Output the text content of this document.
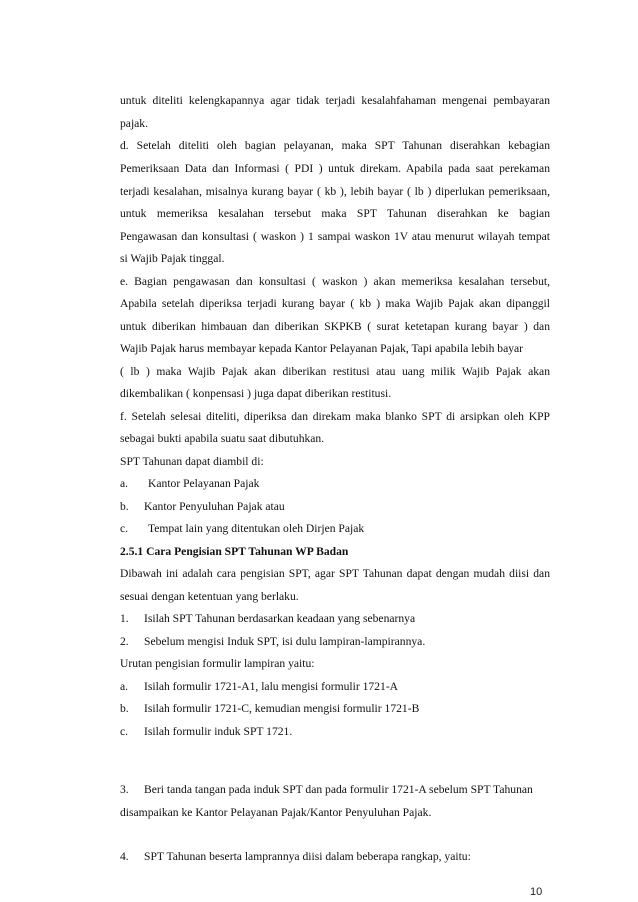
untuk diteliti kelengkapannya agar tidak terjadi kesalahfahaman mengenai pembayaran
pajak.
d. Setelah diteliti oleh bagian pelayanan, maka SPT Tahunan diserahkan kebagian
Pemeriksaan Data dan Informasi ( PDI ) untuk direkam. Apabila pada saat perekaman
terjadi kesalahan, misalnya kurang bayar ( kb ), lebih bayar ( lb ) diperlukan pemeriksaan,
untuk memeriksa kesalahan tersebut maka SPT Tahunan diserahkan ke bagian
Pengawasan dan konsultasi ( waskon ) 1 sampai waskon 1V atau menurut wilayah tempat
si Wajib Pajak tinggal.
e. Bagian pengawasan dan konsultasi ( waskon ) akan memeriksa kesalahan tersebut,
Apabila setelah diperiksa terjadi kurang bayar ( kb ) maka Wajib Pajak akan dipanggil
untuk diberikan himbauan dan diberikan SKPKB ( surat ketetapan kurang bayar ) dan
Wajib Pajak harus membayar kepada Kantor Pelayanan Pajak, Tapi apabila lebih bayar
( lb ) maka Wajib Pajak akan diberikan restitusi atau uang milik Wajib Pajak akan
dikembalikan ( konpensasi ) juga dapat diberikan restitusi.
f. Setelah selesai diteliti, diperiksa dan direkam maka blanko SPT di arsipkan oleh KPP
sebagai bukti apabila suatu saat dibutuhkan.
SPT Tahunan dapat diambil di:
a. Kantor Pelayanan Pajak
b. Kantor Penyuluhan Pajak atau
c. Tempat lain yang ditentukan oleh Dirjen Pajak
2.5.1 Cara Pengisian SPT Tahunan WP Badan
Dibawah ini adalah cara pengisian SPT, agar SPT Tahunan dapat dengan mudah diisi dan
sesuai dengan ketentuan yang berlaku.
1. Isilah SPT Tahunan berdasarkan keadaan yang sebenarnya
2. Sebelum mengisi Induk SPT, isi dulu lampiran-lampirannya.
Urutan pengisian formulir lampiran yaitu:
a. Isilah formulir 1721-A1, lalu mengisi formulir 1721-A
b. Isilah formulir 1721-C, kemudian mengisi formulir 1721-B
c. Isilah formulir induk SPT 1721.
3. Beri tanda tangan pada induk SPT dan pada formulir 1721-A sebelum SPT Tahunan
disampaikan ke Kantor Pelayanan Pajak/Kantor Penyuluhan Pajak.
4. SPT Tahunan beserta lamprannya diisi dalam beberapa rangkap, yaitu:
10
